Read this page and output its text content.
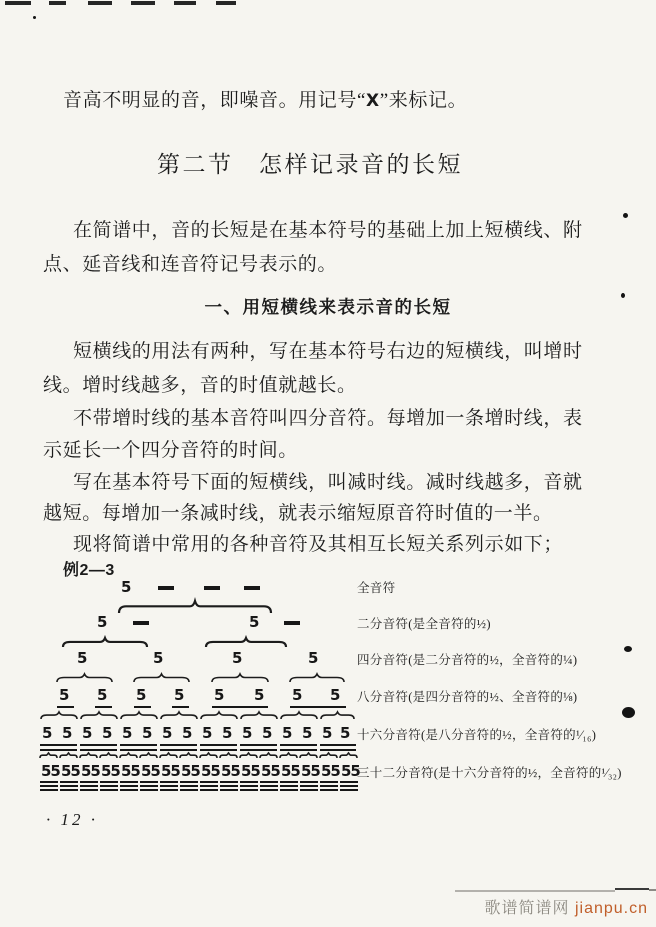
音高不明显的音，即噪音。用记号“X”来标记。
第二节　怎样记录音的长短
在简谱中，音的长短是在基本符号的基础上加上短横线、附
点、延音线和连音符记号表示的。
一、用短横线来表示音的长短
短横线的用法有两种，写在基本符号右边的短横线，叫增时
线。增时线越多，音的时值就越长。
不带增时线的基本音符叫四分音符。每增加一条增时线，表
示延长一个四分音符的时间。
写在基本符号下面的短横线，叫减时线。减时线越多，音就
越短。每增加一条减时线，就表示缩短原音符时值的一半。
现将简谱中常用的各种音符及其相互长短关系列示如下；
例2—3
5
5	5
5	5	5	5
5 5 5 5 5 5 5 5
5 5 5 5 5 5 5 5 5 5 5 5 5 5 5 5
55 55 55 55 55 55 55 55 55 55 55 55 55 55 55 55
全音符
二分音符(是全音符的½)
四分音符(是二分音符的½，全音符的¼)
八分音符(是四分音符的½、全音符的⅛)
十六分音符(是八分音符的½，全音符的¹⁄₁₆)
三十二分音符(是十六分音符的½，全音符的¹⁄₃₂)
· 12 ·
歌谱简谱网 jianpu.cn
